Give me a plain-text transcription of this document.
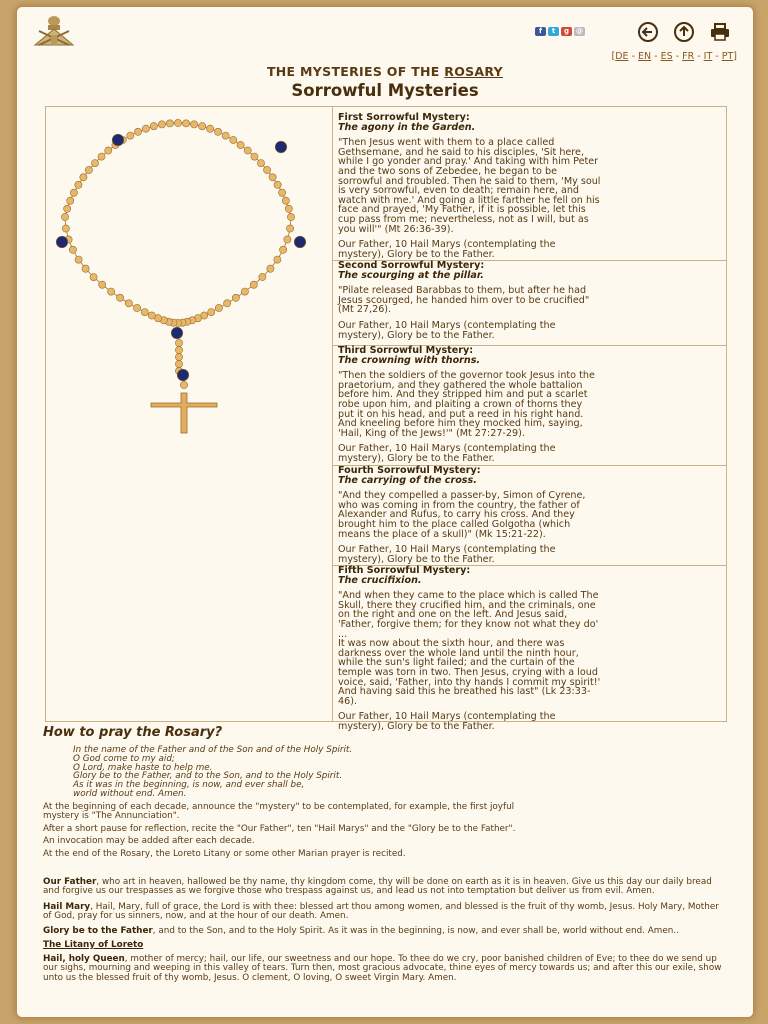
f	t	g	@
[DE - EN - ES - FR - IT - PT]
THE MYSTERIES OF THE ROSARY
Sorrowful Mysteries
First Sorrowful Mystery:
The agony in the Garden.
"Then Jesus went with them to a place called
Gethsemane, and he said to his disciples, 'Sit here,
while I go yonder and pray.' And taking with him Peter
and the two sons of Zebedee, he began to be
sorrowful and troubled. Then he said to them, 'My soul
is very sorrowful, even to death; remain here, and
watch with me.' And going a little farther he fell on his
face and prayed, 'My Father, if it is possible, let this
cup pass from me; nevertheless, not as I will, but as
you will'" (Mt 26:36-39).
Our Father, 10 Hail Marys (contemplating the
mystery), Glory be to the Father.
Second Sorrowful Mystery:
The scourging at the pillar.
"Pilate released Barabbas to them, but after he had
Jesus scourged, he handed him over to be crucified"
(Mt 27,26).
Our Father, 10 Hail Marys (contemplating the
mystery), Glory be to the Father.
Third Sorrowful Mystery:
The crowning with thorns.
"Then the soldiers of the governor took Jesus into the
praetorium, and they gathered the whole battalion
before him. And they stripped him and put a scarlet
robe upon him, and plaiting a crown of thorns they
put it on his head, and put a reed in his right hand.
And kneeling before him they mocked him, saying,
'Hail, King of the Jews!'" (Mt 27:27-29).
Our Father, 10 Hail Marys (contemplating the
mystery), Glory be to the Father.
Fourth Sorrowful Mystery:
The carrying of the cross.
"And they compelled a passer-by, Simon of Cyrene,
who was coming in from the country, the father of
Alexander and Rufus, to carry his cross. And they
brought him to the place called Golgotha (which
means the place of a skull)" (Mk 15:21-22).
Our Father, 10 Hail Marys (contemplating the
mystery), Glory be to the Father.
Fifth Sorrowful Mystery:
The crucifixion.
"And when they came to the place which is called The
Skull, there they crucified him, and the criminals, one
on the right and one on the left. And Jesus said,
'Father, forgive them; for they know not what they do'
...
It was now about the sixth hour, and there was
darkness over the whole land until the ninth hour,
while the sun's light failed; and the curtain of the
temple was torn in two. Then Jesus, crying with a loud
voice, said, 'Father, into thy hands I commit my spirit!'
And having said this he breathed his last" (Lk 23:33-
46).
Our Father, 10 Hail Marys (contemplating the
mystery), Glory be to the Father.
How to pray the Rosary?
In the name of the Father and of the Son and of the Holy Spirit.
O God come to my aid;
O Lord, make haste to help me.
Glory be to the Father, and to the Son, and to the Holy Spirit.
As it was in the beginning, is now, and ever shall be,
world without end. Amen.
At the beginning of each decade, announce the "mystery" to be contemplated, for example, the first joyful
mystery is "The Annunciation".
After a short pause for reflection, recite the "Our Father", ten "Hail Marys" and the "Glory be to the Father".
An invocation may be added after each decade.
At the end of the Rosary, the Loreto Litany or some other Marian prayer is recited.
Our Father, who art in heaven, hallowed be thy name, thy kingdom come, thy will be done on earth as it is in heaven. Give us this day our daily bread and forgive us our trespasses as we forgive those who trespass against us, and lead us not into temptation but deliver us from evil. Amen.
Hail Mary, Hail, Mary, full of grace, the Lord is with thee: blessed art thou among women, and blessed is the fruit of thy womb, Jesus. Holy Mary, Mother of God, pray for us sinners, now, and at the hour of our death. Amen.
Glory be to the Father, and to the Son, and to the Holy Spirit. As it was in the beginning, is now, and ever shall be, world without end. Amen..
The Litany of Loreto
Hail, holy Queen, mother of mercy; hail, our life, our sweetness and our hope. To thee do we cry, poor banished children of Eve; to thee do we send up our sighs, mourning and weeping in this valley of tears. Turn then, most gracious advocate, thine eyes of mercy towards us; and after this our exile, show unto us the blessed fruit of thy womb, Jesus. O clement, O loving, O sweet Virgin Mary. Amen.
